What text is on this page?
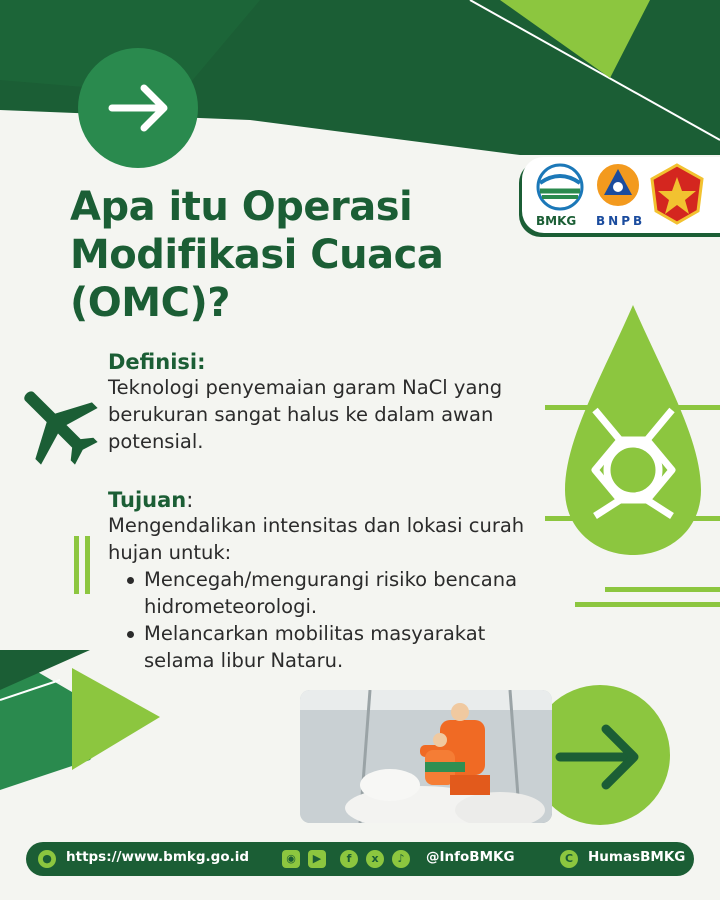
BMKG BNPB
Apa itu Operasi Modifikasi Cuaca (OMC)?

Definisi:

Teknologi penyemaian garam NaCl yang berukuran sangat halus ke dalam awan potensial.

Tujuan:

Mengendalikan intensitas dan lokasi curah hujan untuk:

Mencegah/mengurangi risiko bencana hidrometeorologi.
Melancarkan mobilitas masyarakat selama libur Nataru.
●	https://www.bmkg.go.id	◉	▶	f	x	♪	@InfoBMKG	C	HumasBMKG
